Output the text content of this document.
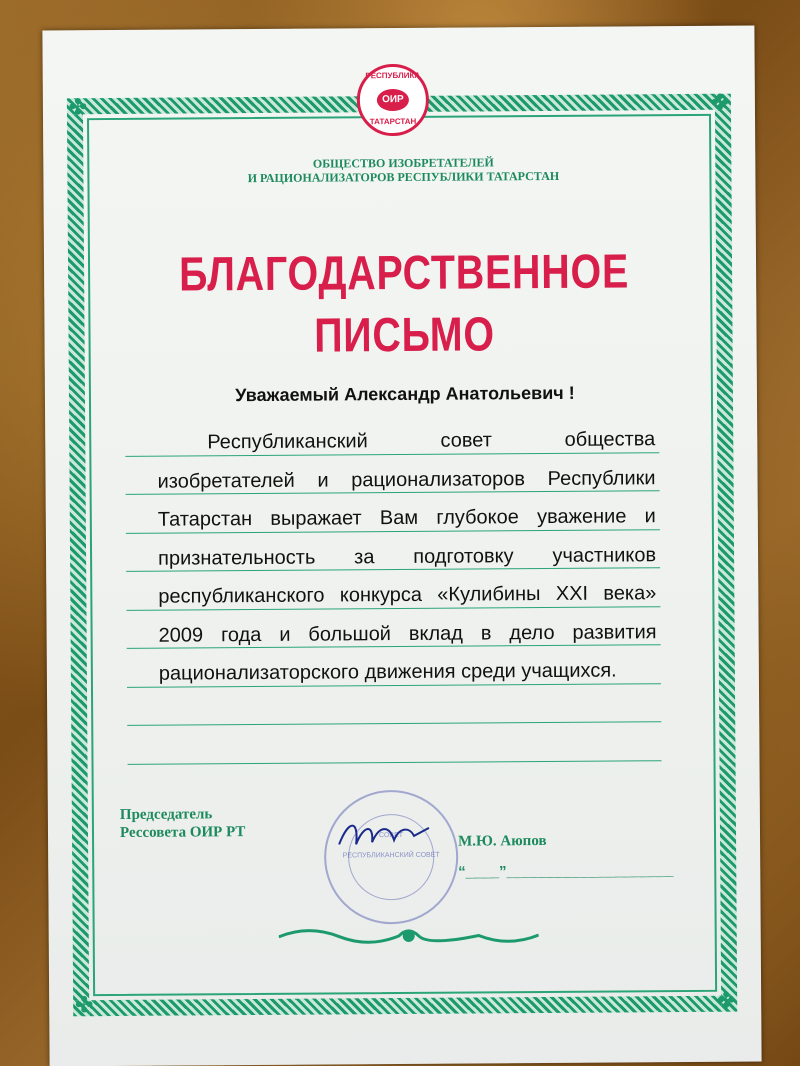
✤	✤
✤	✤
РЕСПУБЛИКА
ОИР
ТАТАРСТАН
ОБЩЕСТВО ИЗОБРЕТАТЕЛЕЙ
И РАЦИОНАЛИЗАТОРОВ РЕСПУБЛИКИ ТАТАРСТАН
БЛАГОДАРСТВЕННОЕ
ПИСЬМО
Уважаемый Александр Анатольевич !
Республиканский совет общества изобретателей и рационализаторов Республики Татарстан выражает Вам глубокое уважение и признательность за подготовку участников республиканского конкурса «Кулибины XXI века» 2009 года и большой вклад в дело развития рационализаторского движения среди учащихся.
Председатель
Рессовета ОИР РТ	СОВЕТ
РЕСПУБЛИКАНСКИЙ СОВЕТ
М.Ю. Аюпов
“____”____________________
